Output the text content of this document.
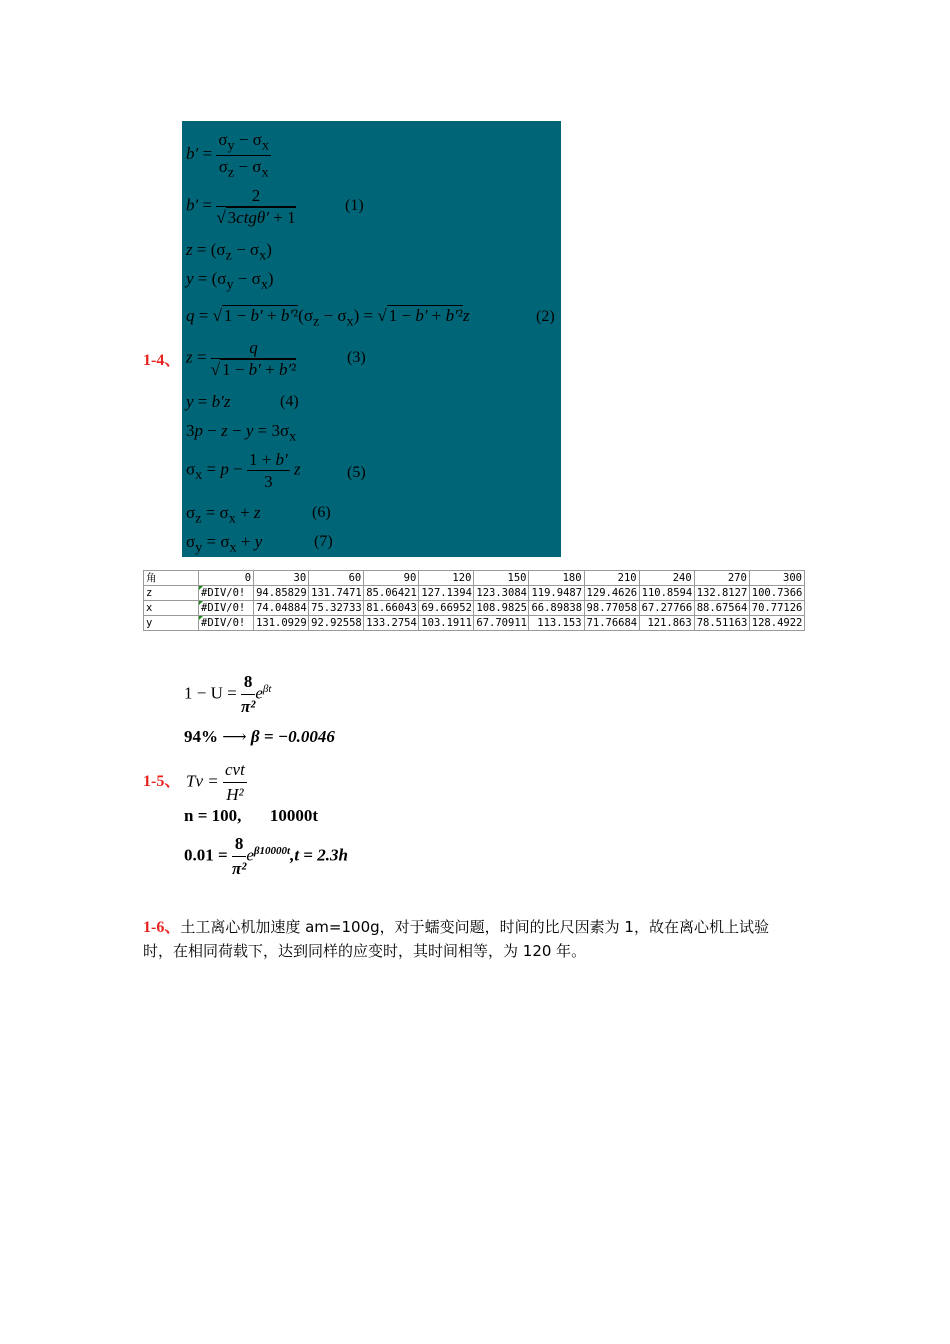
1-4、
$b' = \frac{\sigma_y - \sigma_x}{\sigma_z - \sigma_x}$
$b' = \frac{2}{\text{√ 3ctgθ′ + 1}}$	(1)
$z = (\sigma_z - \sigma_x)$
$y = (\sigma_y - \sigma_x)$
q = √ $1 - b' + b'^2(\sigma_z - \sigma_x)$ = √ 1 − b′ + b′²z	(2)
$z = \frac{q}{\text{√ 1 − b′ + b′²}}$	(3)
y = b′z	(4)
$3p - z - y = 3\sigma_x$
$\sigma_x = p - \frac{1 + b'}{3}$ z	(5)
$\sigma_z = \sigma_x + z$	(6)
$\sigma_y = \sigma_x + y$	(7)
角	0	30	60	90	120	150	180	210	240	270	300
z	#DIV/0!	94.85829	131.7471	85.06421	127.1394	123.3084	119.9487	129.4626	110.8594	132.8127	100.7366
x	#DIV/0!	74.04884	75.32733	81.66043	69.66952	108.9825	66.89838	98.77058	67.27766	88.67564	70.77126
y	#DIV/0!	131.0929	92.92558	133.2754	103.1911	67.70911	113.153	71.76684	121.863	78.51163	128.4922
$1 - U = \frac{8}{\text{π²}} e^{\beta t}$
94% ⟶ β = −0.0046
1-5、 $Tv = \frac{\text{cvt}}{\text{H²}}$
n = 100, 10000t
$0.01 = \frac{8}{\text{π²}} e^{\beta 10000t},t = 2.3h$
1-6、土工离心机加速度 am=100g，对于蠕变问题，时间的比尺因素为 1，故在离心机上试验
时，在相同荷载下，达到同样的应变时，其时间相等，为 120 年。
